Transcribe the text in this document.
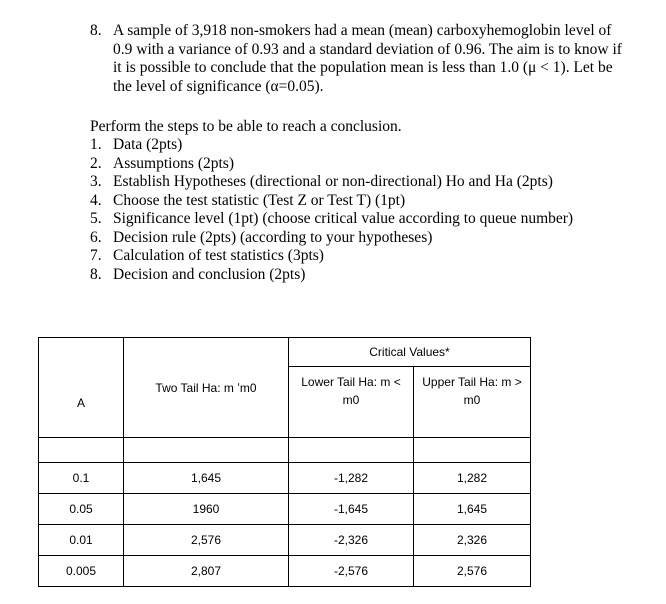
8. A sample of 3,918 non-smokers had a mean (mean) carboxyhemoglobin level of 0.9 with a variance of 0.93 and a standard deviation of 0.96. The aim is to know if it is possible to conclude that the population mean is less than 1.0 (μ < 1). Let be the level of significance (α=0.05).
Perform the steps to be able to reach a conclusion.
1. Data (2pts)
2. Assumptions (2pts)
3. Establish Hypotheses (directional or non-directional) Ho and Ha (2pts)
4. Choose the test statistic (Test Z or Test T) (1pt)
5. Significance level (1pt) (choose critical value according to queue number)
6. Decision rule (2pts) (according to your hypotheses)
7. Calculation of test statistics (3pts)
8. Decision and conclusion (2pts)
A	Two Tail Ha: m ʼm0	Critical Values*	
		Lower Tail Ha: m < m0	Upper Tail Ha: m > m0

0.1	1,645	-1,282	1,282
0.05	1960	-1,645	1,645
0.01	2,576	-2,326	2,326
0.005	2,807	-2,576	2,576
